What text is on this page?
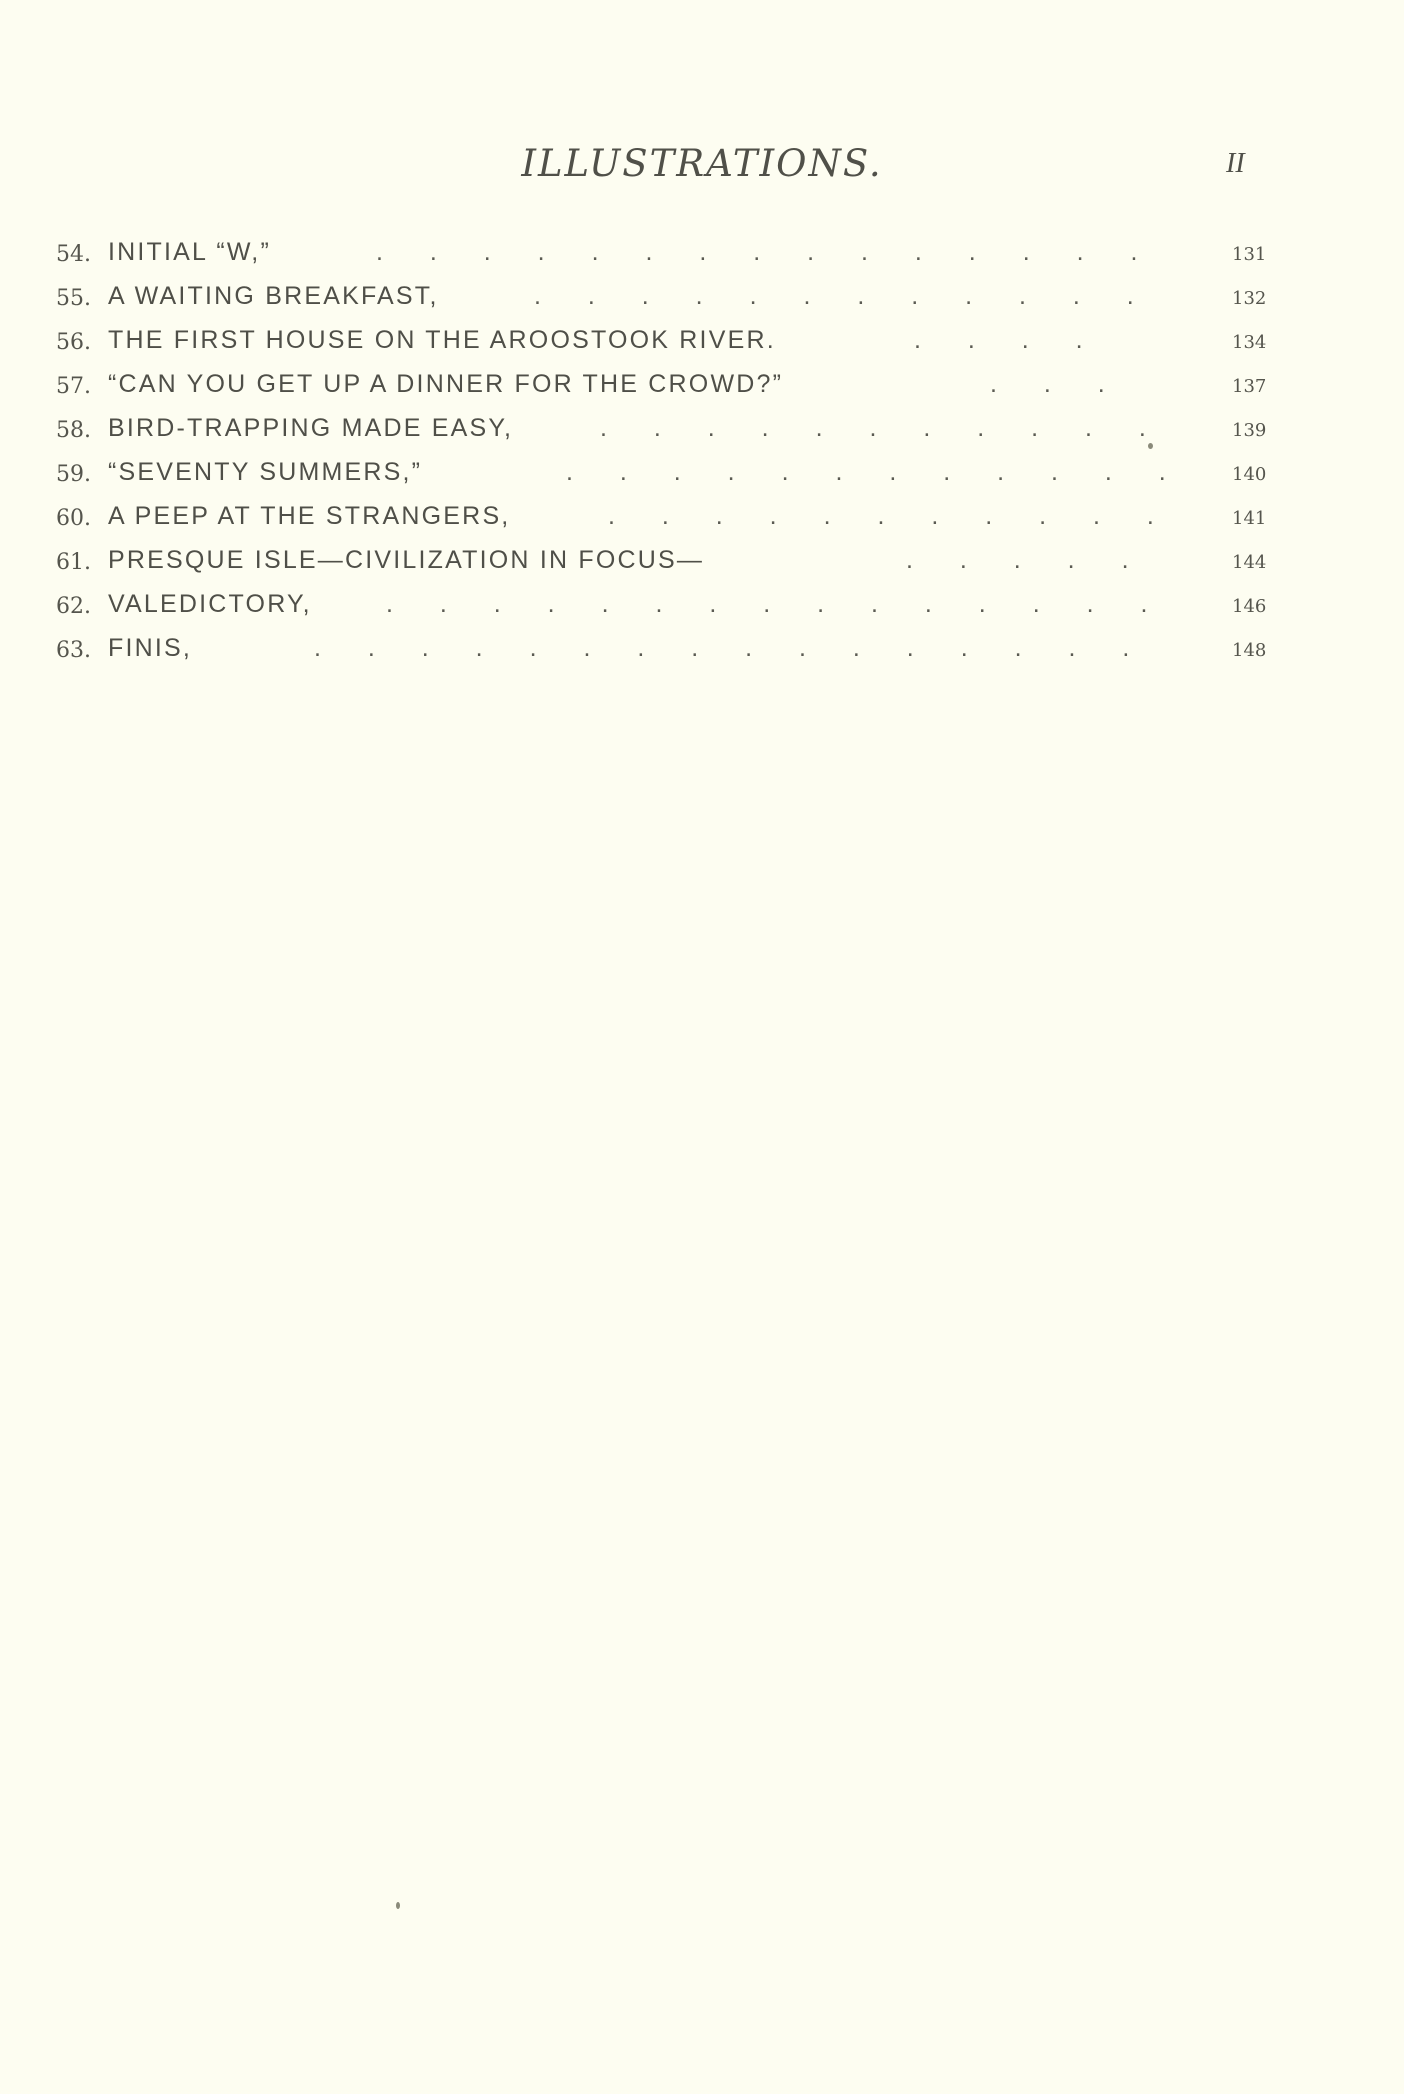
ILLUSTRATIONS.	II
54. INITIAL “W,”	. . . . . . . . . . . . . . .	131
55. A WAITING BREAKFAST,	. . . . . . . . . . . .	132
56. THE FIRST HOUSE ON THE AROOSTOOK RIVER.	. . . .	134
57. “CAN YOU GET UP A DINNER FOR THE CROWD?”	. . .	137
58. BIRD-TRAPPING MADE EASY,	. . . . . . . . . . .	139
59. “SEVENTY SUMMERS,”	. . . . . . . . . . . .	140
60. A PEEP AT THE STRANGERS,	. . . . . . . . . . .	141
61. PRESQUE ISLE—CIVILIZATION IN FOCUS—	. . . . .	144
62. VALEDICTORY,	. . . . . . . . . . . . . . .	146
63. FINIS,	. . . . . . . . . . . . . . . .	148
